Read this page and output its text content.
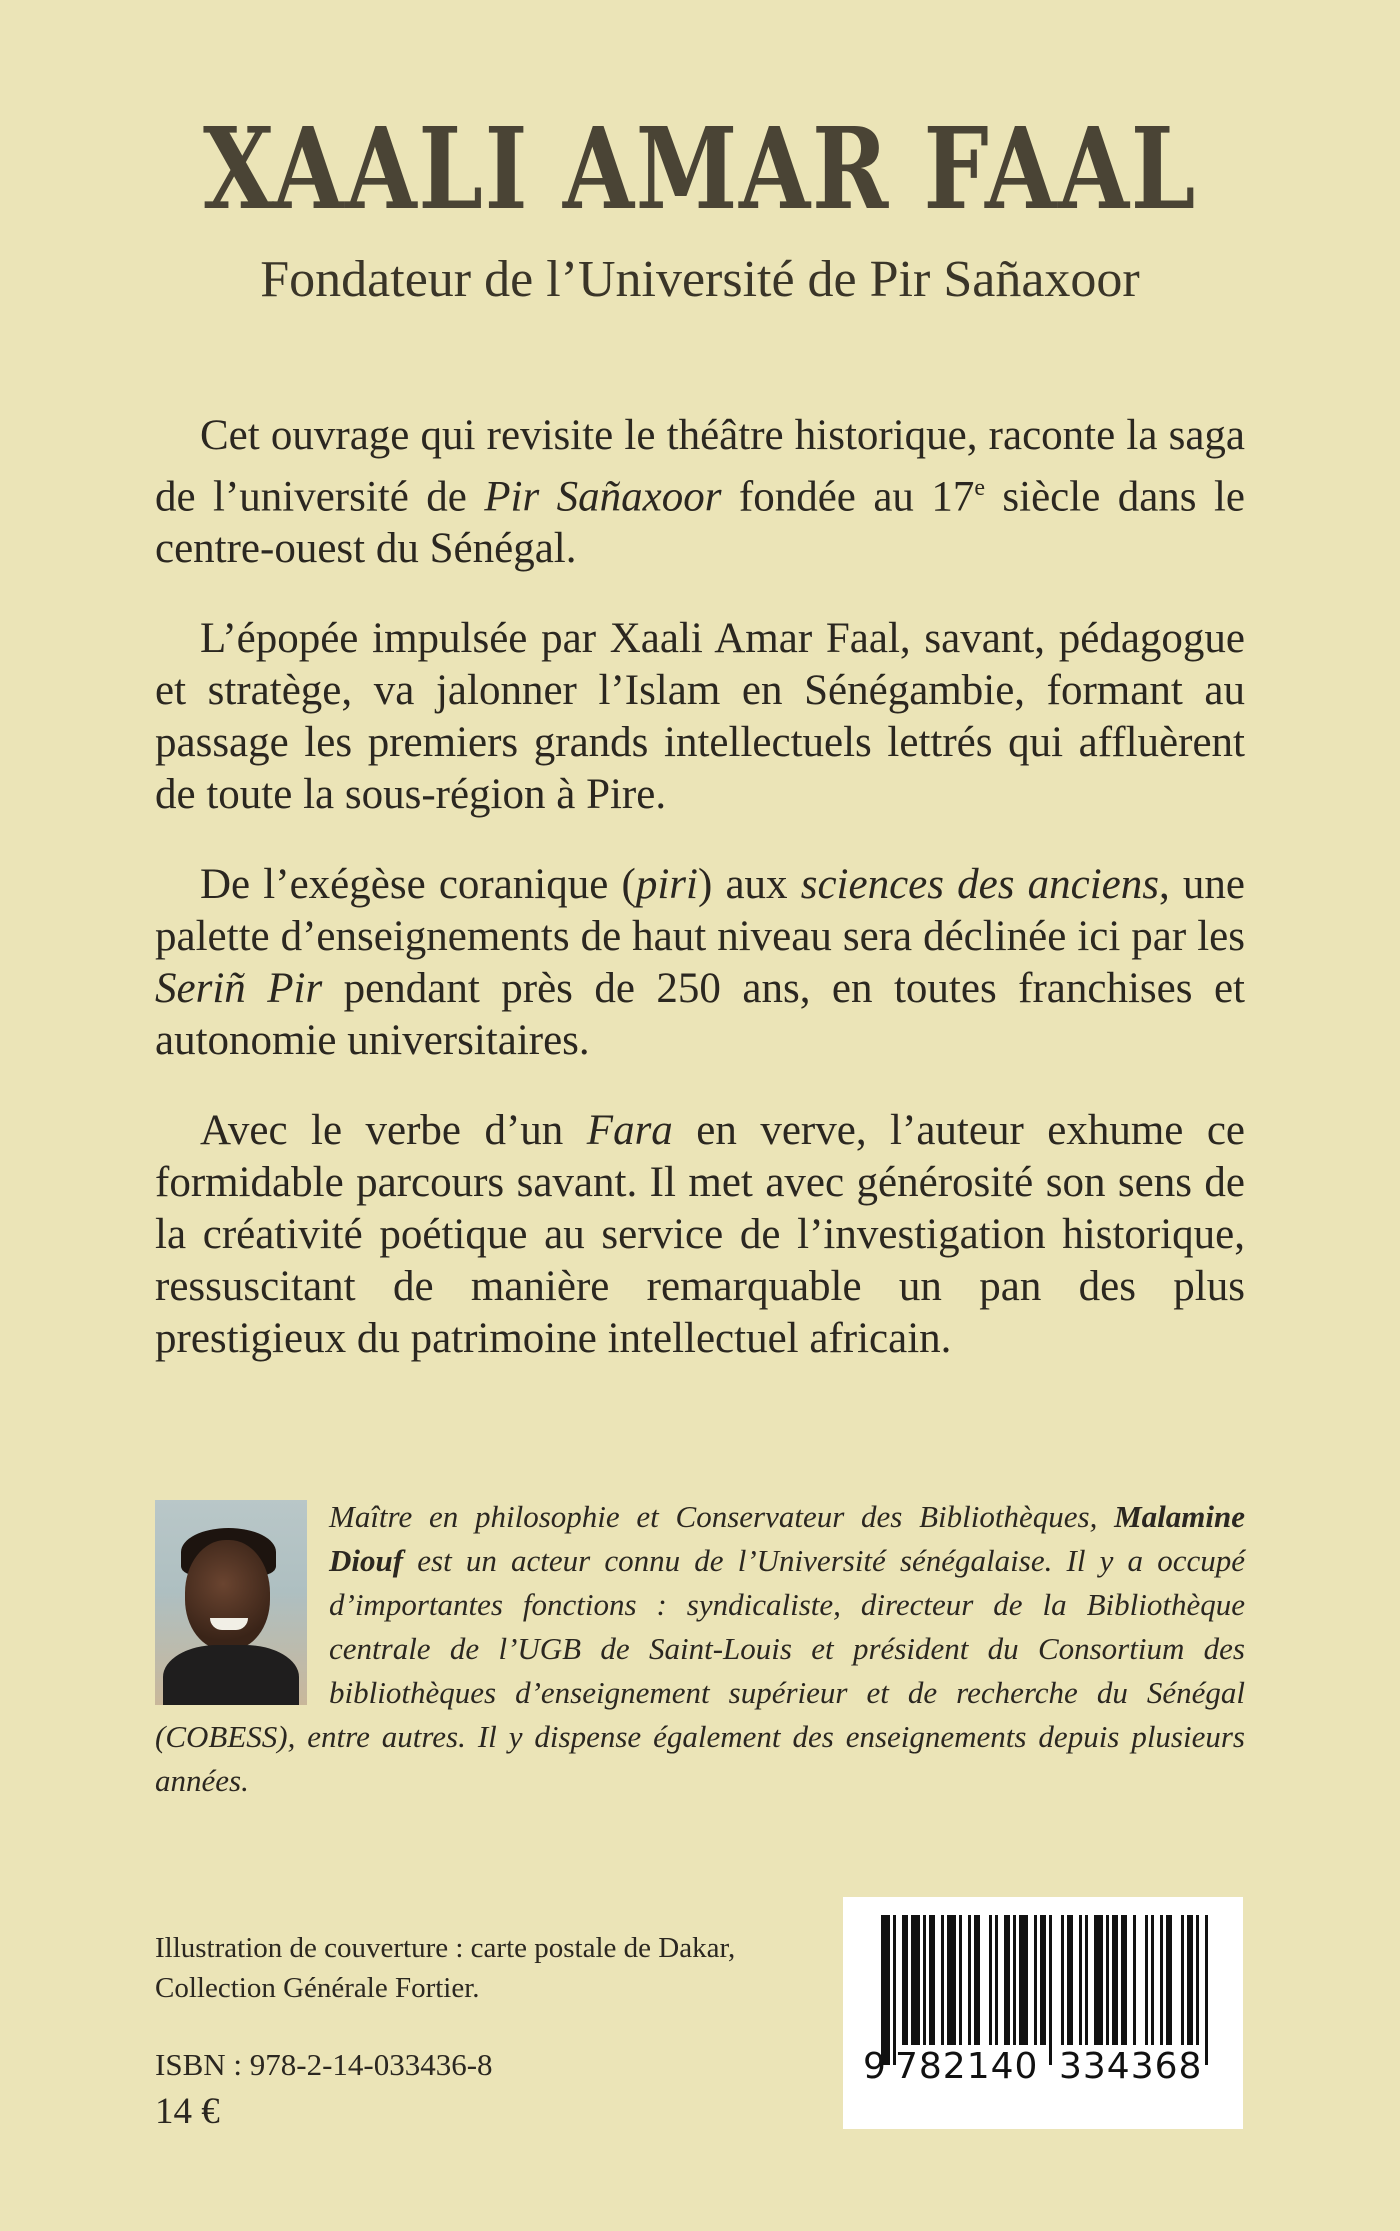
XAALI AMAR FAAL
Fondateur de l’Université de Pir Sañaxoor

Cet ouvrage qui revisite le théâtre historique, raconte la saga de l’université de Pir Sañaxoor fondée au 17e siècle dans le centre-ouest du Sénégal.

L’épopée impulsée par Xaali Amar Faal, savant, pédagogue et stratège, va jalonner l’Islam en Sénégambie, formant au passage les premiers grands intellectuels lettrés qui affluèrent de toute la sous-région à Pire.

De l’exégèse coranique (piri) aux sciences des anciens, une palette d’enseignements de haut niveau sera déclinée ici par les Seriñ Pir pendant près de 250 ans, en toutes franchises et autonomie universitaires.

Avec le verbe d’un Fara en verve, l’auteur exhume ce formidable parcours savant. Il met avec générosité son sens de la créativité poétique au service de l’investigation historique, ressuscitant de manière remarquable un pan des plus prestigieux du patrimoine intellectuel africain.

Maître en philosophie et Conservateur des Bibliothèques, Malamine Diouf est un acteur connu de l’Université sénégalaise. Il y a occupé d’importantes fonctions : syndicaliste, directeur de la Bibliothèque centrale de l’UGB de Saint-Louis et président du Consortium des bibliothèques d’enseignement supérieur et de recherche du Sénégal (COBESS), entre autres. Il y dispense également des enseignements depuis plusieurs années.
Illustration de couverture : carte postale de Dakar,
Collection Générale Fortier.
ISBN : 978-2-14-033436-8
14 €
9 782140 334368
